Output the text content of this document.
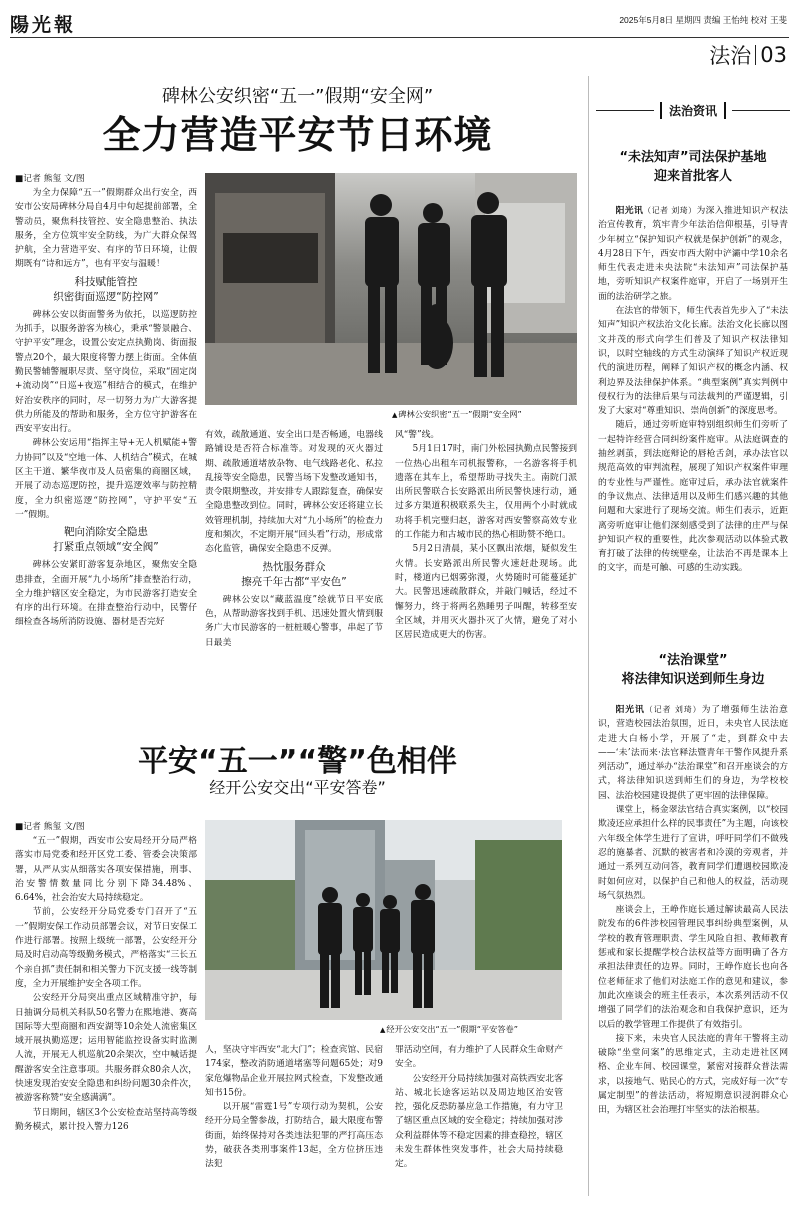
陽光報	2025年5月8日 星期四 责编 王怡纯 校对 王斐
法治 03
碑林公安织密“五一”假期“安全网”
全力营造平安节日环境
■记者 熊玺 文/图

为全力保障“五一”假期群众出行安全，西安市公安局碑林分局自4月中旬起提前部署，全警动员，聚焦科技管控、安全隐患整治、执法服务，全方位筑牢安全防线，为广大群众保驾护航，全力营造平安、有序的节日环境，让假期既有“诗和远方”，也有平安与温暖！

科技赋能管控
织密街面巡逻“防控网”

碑林公安以街面警务为依托，以巡逻防控为抓手，以服务游客为核心，秉承“警景融合、守护平安”理念，设置公安定点执勤岗、街面报警点20个，最大限度将警力摆上街面。全体值勤民警辅警履职尽责、坚守岗位，采取“固定岗+流动岗”“日巡+夜巡”相结合的模式，在维护好治安秩序的同时，尽一切努力为广大游客提供力所能及的帮助和服务，全方位守护游客在西安平安出行。

碑林公安运用“指挥主导+无人机赋能+警力协同”以及“空地一体、人机结合”模式，在城区主干道、繁华夜市及人员密集的商圈区域，开展了动态巡逻防控，提升巡逻效率与防控精度，全力织密巡逻“防控网”，守护平安“五一”假期。

靶向消除安全隐患
打紧重点领域“安全阀”

碑林公安紧盯游客复杂地区，聚焦安全隐患排查，全面开展“九小场所”排查整治行动，全力维护辖区安全稳定，为市民游客打造安全有序的出行环境。在排查整治行动中，民警仔细检查各场所消防设施、器材是否完好

▲ 碑林公安织密“五一”假期“安全网”

有效，疏散通道、安全出口是否畅通，电器线路铺设是否符合标准等。对发现的灭火器过期、疏散通道堵放杂物、电气线路老化、私拉乱接等安全隐患，民警当场下发整改通知书，责令限期整改，并安排专人跟踪复查，确保安全隐患整改到位。同时，碑林公安还将建立长效管理机制，持续加大对“九小场所”的检查力度和频次，不定期开展“回头看”行动，形成常态化监管，确保安全隐患不反弹。

热忱服务群众
擦亮千年古都“平安色”

碑林公安以“藏蓝温度”绘就节日平安底色，从帮助游客找到手机、迅速处置火情到服务广大市民游客的一桩桩暖心警事，串起了节日最美

风“警”线。

5月1日17时，南门外松园执勤点民警接到一位热心出租车司机报警称，一名游客将手机遗落在其车上，希望帮助寻找失主。南院门派出所民警联合长安路派出所民警快速行动，通过多方渠道积极联系失主，仅用两个小时就成功将手机完璧归赵，游客对西安警察高效专业的工作能力和古城市民的热心相助赞不绝口。

5月2日清晨，某小区飘出浓烟，疑似发生火情。长安路派出所民警火速赶赴现场。此时，楼道内已烟雾弥漫，火势随时可能蔓延扩大。民警迅速疏散群众，并敲门喊话，经过不懈努力，终于将两名熟睡男子叫醒，转移至安全区域，并用灭火器扑灭了火情，避免了对小区居民造成更大的伤害。

平安“五一”“警”色相伴
经开公安交出“平安答卷”
■记者 熊玺 文/图

“五一”假期，西安市公安局经开分局严格落实市局党委和经开区党工委、管委会决策部署，从严从实从细落实各项安保措施，刑事、治安警情数量同比分别下降34.48%、6.64%，社会治安大局持续稳定。

节前，公安经开分局党委专门召开了“五一”假期安保工作动员部署会议，对节日安保工作进行部署。按照上级统一部署，公安经开分局及时启动高等级勤务模式，严格落实“三长五个亲自抓”责任制和相关警力下沉支援一线等制度，全力开展维护安全各项工作。

公安经开分局突出重点区域精准守护，每日抽调分局机关科队50名警力在熙地港、赛高国际等大型商圈和西安湖等10余处人流密集区域开展执勤巡逻；运用智能监控设备实时监测人流，开展无人机巡航20余架次，空中喊话提醒游客安全注意事项。共服务群众80余人次，快速发现治安安全隐患和纠纷问题30余件次，被游客称赞“安全感满满”。

节日期间，辖区3个公安检查站坚持高等级勤务模式，累计投入警力126

▲ 经开公安交出“五一”假期“平安答卷”

人，坚决守牢西安“北大门”；检查宾馆、民宿174家，整改消防通道堵塞等问题65处；对9家危爆物品企业开展拉网式检查，下发整改通知书15份。

以开展“雷霆1号”专项行动为契机，公安经开分局全警参战，打防结合，最大限度布警街面，始终保持对各类违法犯罪的严打高压态势，破获各类刑事案件13起，全方位挤压违法犯

罪活动空间，有力维护了人民群众生命财产安全。

公安经开分局持续加强对高铁西安北客站、城北长途客运站以及周边地区治安管控，强化反恐防暴应急工作措施，有力守卫了辖区重点区域的安全稳定；持续加强对涉众利益群体等不稳定因素的排查稳控，辖区未发生群体性突发事件，社会大局持续稳定。

法治资讯
“未法知声”司法保护基地
迎来首批客人

阳光讯（记者 刘琦）为深入推进知识产权法治宣传教育，筑牢青少年法治信仰根基，引导青少年树立“保护知识产权就是保护创新”的观念，4月28日下午，西安市西大附中浐灞中学10余名师生代表走进未央法院“未法知声”司法保护基地，旁听知识产权案件庭审，开启了一场别开生面的法治研学之旅。

在法官的带领下，师生代表首先步入了“未法知声”知识产权法治文化长廊。法治文化长廊以图文并茂的形式向学生们普及了知识产权法律知识，以时空轴线的方式生动演绎了知识产权近现代的演进历程，阐释了知识产权的概念内涵、权利边界及法律保护体系。“典型案例”真实判例中侵权行为的法律后果与司法裁判的严谨逻辑，引发了大家对“尊重知识、崇尚创新”的深度思考。

随后，通过旁听庭审特别组织师生们旁听了一起特许经营合同纠纷案件庭审。从法庭调查的抽丝剥茧，到法庭辩论的唇枪舌剑，承办法官以规范高效的审判流程，展现了知识产权案件审理的专业性与严谨性。庭审过后，承办法官就案件的争议焦点、法律适用以及师生们感兴趣的其他问题和大家进行了现场交流。师生们表示，近距离旁听庭审让他们深刻感受到了法律的庄严与保护知识产权的重要性，此次参观活动以体验式教育打破了法律的传统壁垒，让法治不再是课本上的文字，而是可触、可感的生动实践。

“法治课堂”
将法律知识送到师生身边

阳光讯（记者 刘琦）为了增强师生法治意识，营造校园法治氛围，近日，未央官人民法庭走进大白杨小学，开展了“走，到群众中去——‘未’法而来·法官释法暨青年干警作风提升系列活动”，通过举办“法治课堂”和召开座谈会的方式，将法律知识送到师生们的身边，为学校校园、法治校园建设提供了更牢固的法律保障。

课堂上，杨金翠法官结合真实案例，以“校园欺凌还应承担什么样的民事责任”为主题，向该校六年级全体学生进行了宣讲，呼吁同学们不做残忍的施暴者、沉默的被害者和冷漠的旁观者，并通过一系列互动问答，教育同学们遭遇校园欺凌时如何应对，以保护自己和他人的权益，活动现场气氛热烈。

座谈会上，王峥作庭长通过解读最高人民法院发布的6件涉校园管理民事纠纷典型案例，从学校的教育管理职责、学生风险自担、教师教育惩戒和家长提醒学校合法权益等方面明确了各方承担法律责任的边界。同时，王峥作庭长也向各位老师征求了他们对法庭工作的意见和建议，参加此次座谈会的班主任表示，本次系列活动不仅增强了同学们的法治观念和自我保护意识，还为以后的教学管理工作提供了有效指引。

接下来，未央官人民法庭的青年干警将主动破除“坐堂问案”的思维定式，主动走进社区网格、企业车间、校园课堂，紧密对接群众普法需求，以接地气、贴民心的方式，完成好每一次“专属定制型”的普法活动，将短期意识浸润群众心田，为辖区社会治理打牢坚实的法治根基。
